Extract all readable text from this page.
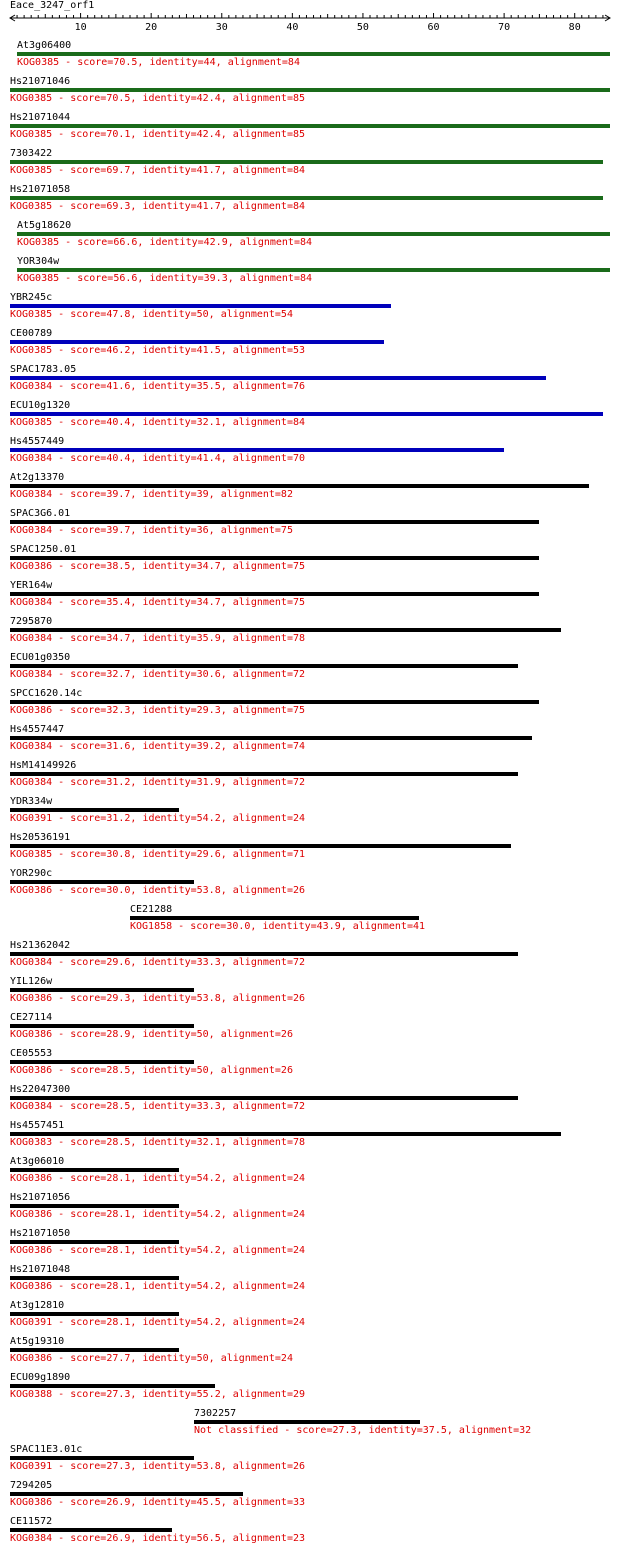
Eace_3247_orf1
10	20	30	40	50	60	70	80
At3g06400
KOG0385 - score=70.5, identity=44, alignment=84
Hs21071046
KOG0385 - score=70.5, identity=42.4, alignment=85
Hs21071044
KOG0385 - score=70.1, identity=42.4, alignment=85
7303422
KOG0385 - score=69.7, identity=41.7, alignment=84
Hs21071058
KOG0385 - score=69.3, identity=41.7, alignment=84
At5g18620
KOG0385 - score=66.6, identity=42.9, alignment=84
YOR304w
KOG0385 - score=56.6, identity=39.3, alignment=84
YBR245c
KOG0385 - score=47.8, identity=50, alignment=54
CE00789
KOG0385 - score=46.2, identity=41.5, alignment=53
SPAC1783.05
KOG0384 - score=41.6, identity=35.5, alignment=76
ECU10g1320
KOG0385 - score=40.4, identity=32.1, alignment=84
Hs4557449
KOG0384 - score=40.4, identity=41.4, alignment=70
At2g13370
KOG0384 - score=39.7, identity=39, alignment=82
SPAC3G6.01
KOG0384 - score=39.7, identity=36, alignment=75
SPAC1250.01
KOG0386 - score=38.5, identity=34.7, alignment=75
YER164w
KOG0384 - score=35.4, identity=34.7, alignment=75
7295870
KOG0384 - score=34.7, identity=35.9, alignment=78
ECU01g0350
KOG0384 - score=32.7, identity=30.6, alignment=72
SPCC1620.14c
KOG0386 - score=32.3, identity=29.3, alignment=75
Hs4557447
KOG0384 - score=31.6, identity=39.2, alignment=74
HsM14149926
KOG0384 - score=31.2, identity=31.9, alignment=72
YDR334w
KOG0391 - score=31.2, identity=54.2, alignment=24
Hs20536191
KOG0385 - score=30.8, identity=29.6, alignment=71
YOR290c
KOG0386 - score=30.0, identity=53.8, alignment=26
CE21288
KOG1858 - score=30.0, identity=43.9, alignment=41
Hs21362042
KOG0384 - score=29.6, identity=33.3, alignment=72
YIL126w
KOG0386 - score=29.3, identity=53.8, alignment=26
CE27114
KOG0386 - score=28.9, identity=50, alignment=26
CE05553
KOG0386 - score=28.5, identity=50, alignment=26
Hs22047300
KOG0384 - score=28.5, identity=33.3, alignment=72
Hs4557451
KOG0383 - score=28.5, identity=32.1, alignment=78
At3g06010
KOG0386 - score=28.1, identity=54.2, alignment=24
Hs21071056
KOG0386 - score=28.1, identity=54.2, alignment=24
Hs21071050
KOG0386 - score=28.1, identity=54.2, alignment=24
Hs21071048
KOG0386 - score=28.1, identity=54.2, alignment=24
At3g12810
KOG0391 - score=28.1, identity=54.2, alignment=24
At5g19310
KOG0386 - score=27.7, identity=50, alignment=24
ECU09g1890
KOG0388 - score=27.3, identity=55.2, alignment=29
7302257
Not classified - score=27.3, identity=37.5, alignment=32
SPAC11E3.01c
KOG0391 - score=27.3, identity=53.8, alignment=26
7294205
KOG0386 - score=26.9, identity=45.5, alignment=33
CE11572
KOG0384 - score=26.9, identity=56.5, alignment=23
